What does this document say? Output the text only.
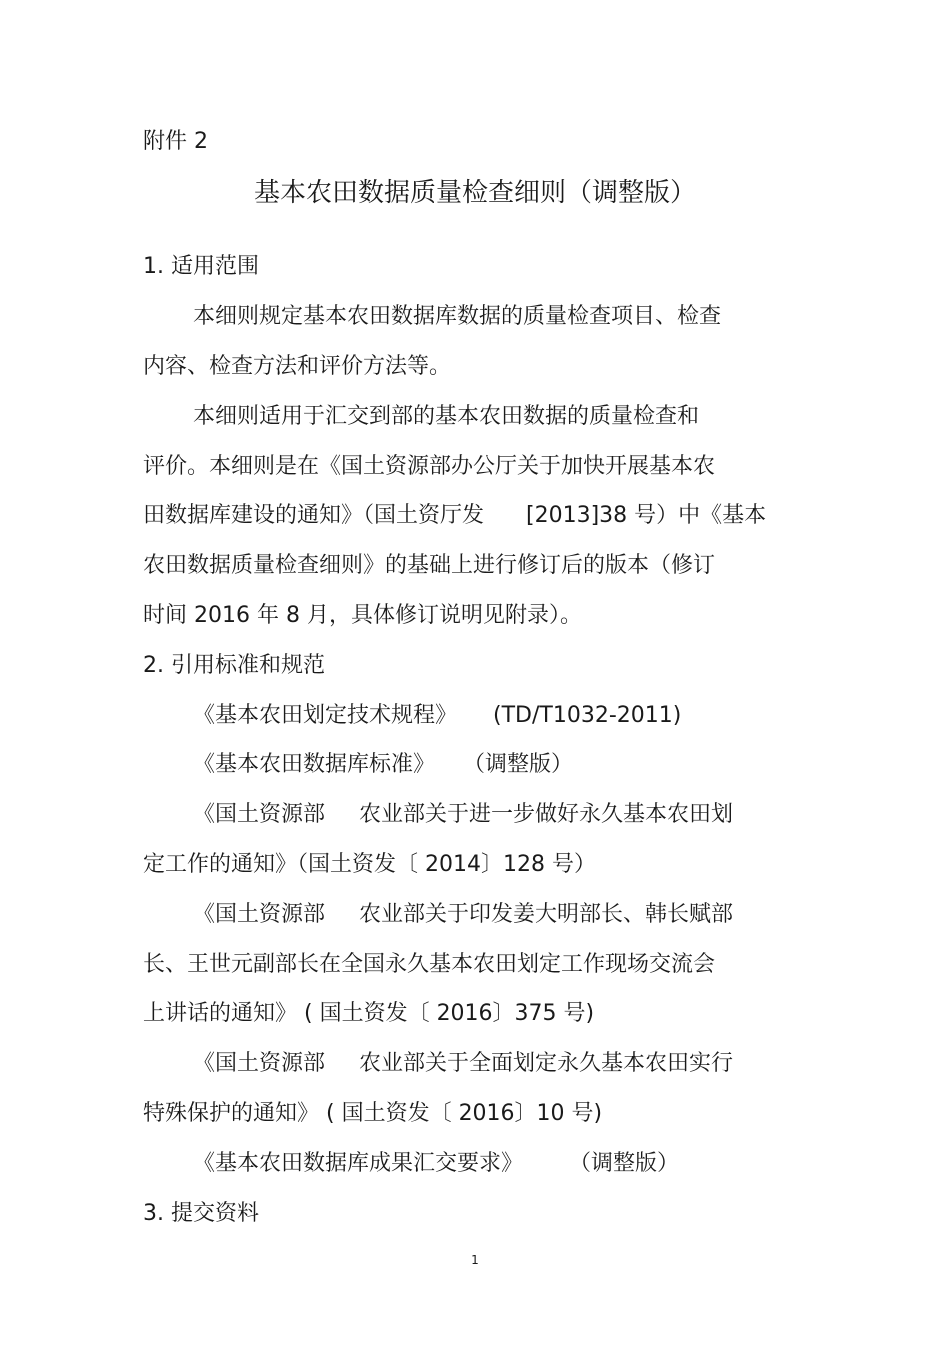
附件 2

基本农田数据质量检查细则（调整版）

1. 适用范围

本细则规定基本农田数据库数据的质量检查项目、检查

内容、检查方法和评价方法等。

本细则适用于汇交到部的基本农田数据的质量检查和

评价。本细则是在《国土资源部办公厅关于加快开展基本农

田数据库建设的通知》（国土资厅发 [2013]38 号）中《基本

农田数据质量检查细则》的基础上进行修订后的版本（修订

时间 2016 年 8 月，具体修订说明见附录）。

2. 引用标准和规范

《基本农田划定技术规程》 (TD/T1032-2011)

《基本农田数据库标准》 （调整版）

《国土资源部 农业部关于进一步做好永久基本农田划

定工作的通知》（国土资发〔 2014〕128 号）

《国土资源部 农业部关于印发姜大明部长、韩长赋部

长、王世元副部长在全国永久基本农田划定工作现场交流会

上讲话的通知》 ( 国土资发〔 2016〕375 号)

《国土资源部 农业部关于全面划定永久基本农田实行

特殊保护的通知》 ( 国土资发〔 2016〕10 号)

《基本农田数据库成果汇交要求》 （调整版）

3. 提交资料

1
